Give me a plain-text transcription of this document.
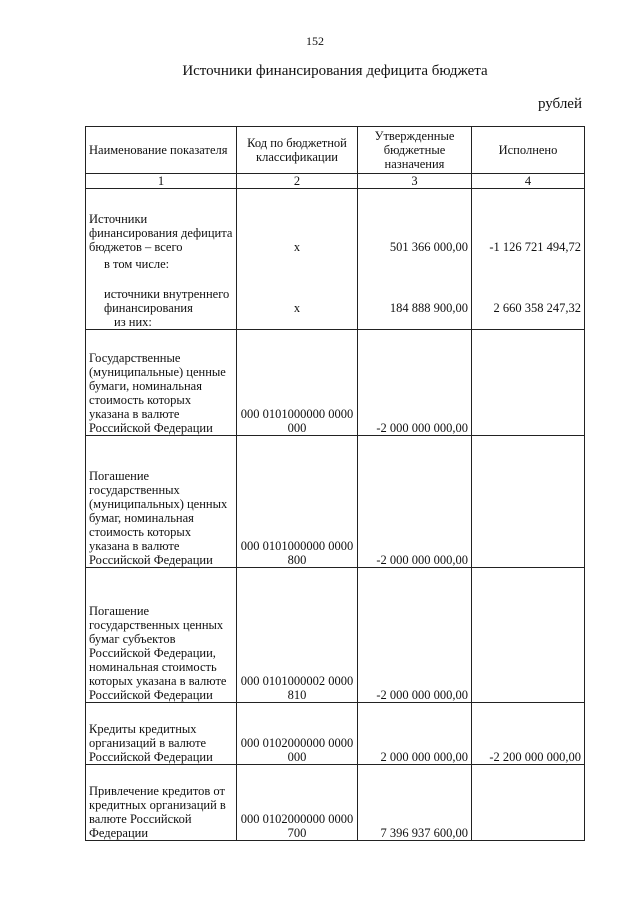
152
Источники финансирования дефицита бюджета
рублей
Наименование показателя	Код по бюджетной классификации	Утвержденные бюджетные назначения	Исполнено
1	2	3	4
Источники финансирования дефицита бюджетов – всего	x	501 366 000,00	-1 126 721 494,72
в том числе:			
источники внутреннего финансирования	x	184 888 900,00	2 660 358 247,32
из них:			
Государственные (муниципальные) ценные бумаги, номинальная стоимость которых указана в валюте Российской Федерации	000 0101000000 0000 000	-2 000 000 000,00	
Погашение государственных (муниципальных) ценных бумаг, номинальная стоимость которых указана в валюте Российской Федерации	000 0101000000 0000 800	-2 000 000 000,00	
Погашение государственных ценных бумаг субъектов Российской Федерации, номинальная стоимость которых указана в валюте Российской Федерации	000 0101000002 0000 810	-2 000 000 000,00	
Кредиты кредитных организаций в валюте Российской Федерации	000 0102000000 0000 000	2 000 000 000,00	-2 200 000 000,00
Привлечение кредитов от кредитных организаций в валюте Российской Федерации	000 0102000000 0000 700	7 396 937 600,00	
